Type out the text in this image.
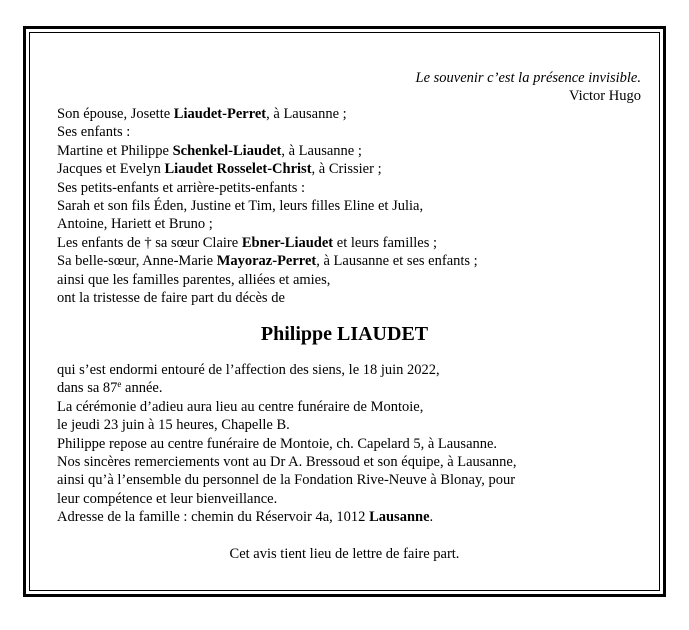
Le souvenir c’est la présence invisible.
Victor Hugo
Son épouse, Josette Liaudet-Perret, à Lausanne ;
Ses enfants :
Martine et Philippe Schenkel-Liaudet, à Lausanne ;
Jacques et Evelyn Liaudet Rosselet-Christ, à Crissier ;
Ses petits-enfants et arrière-petits-enfants :
Sarah et son fils Éden, Justine et Tim, leurs filles Eline et Julia,
Antoine, Hariett et Bruno ;
Les enfants de † sa sœur Claire Ebner-Liaudet et leurs familles ;
Sa belle-sœur, Anne-Marie Mayoraz-Perret, à Lausanne et ses enfants ;
ainsi que les familles parentes, alliées et amies,
ont la tristesse de faire part du décès de
Philippe LIAUDET
qui s’est endormi entouré de l’affection des siens, le 18 juin 2022,
dans sa 87e année.
La cérémonie d’adieu aura lieu au centre funéraire de Montoie,
le jeudi 23 juin à 15 heures, Chapelle B.
Philippe repose au centre funéraire de Montoie, ch. Capelard 5, à Lausanne.
Nos sincères remerciements vont au Dr A. Bressoud et son équipe, à Lausanne,
ainsi qu’à l’ensemble du personnel de la Fondation Rive-Neuve à Blonay, pour
leur compétence et leur bienveillance.
Adresse de la famille : chemin du Réservoir 4a, 1012 Lausanne.
Cet avis tient lieu de lettre de faire part.
